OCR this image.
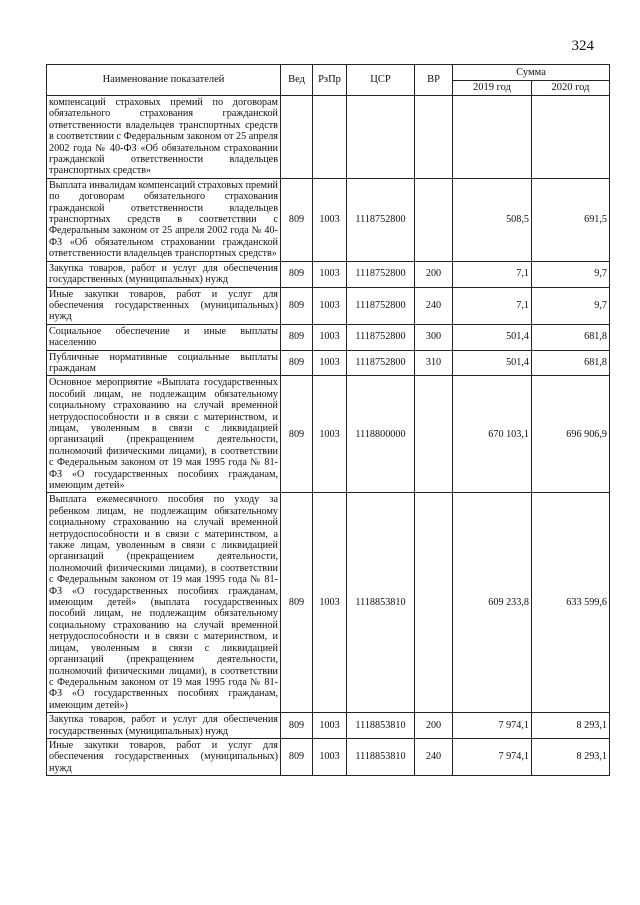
324
Наименование показателей	Вед	РзПр	ЦСР	ВР	Сумма	
					2019 год	2020 год
компенсаций страховых премий по договорам обязательного страхования гражданской ответственности владельцев транспортных средств в соответствии с Федеральным законом от 25 апреля 2002 года № 40-ФЗ «Об обязательном страховании гражданской ответственности владельцев транспортных средств»						
Выплата инвалидам компенсаций страховых премий по договорам обязательного страхования гражданской ответственности владельцев транспортных средств в соответствии с Федеральным законом от 25 апреля 2002 года № 40-ФЗ «Об обязательном страховании гражданской ответственности владельцев транспортных средств»	809	1003	1118752800		508,5	691,5
Закупка товаров, работ и услуг для обеспечения государственных (муниципальных) нужд	809	1003	1118752800	200	7,1	9,7
Иные закупки товаров, работ и услуг для обеспечения государственных (муниципальных) нужд	809	1003	1118752800	240	7,1	9,7
Социальное обеспечение и иные выплаты населению	809	1003	1118752800	300	501,4	681,8
Публичные нормативные социальные выплаты гражданам	809	1003	1118752800	310	501,4	681,8
Основное мероприятие «Выплата государственных пособий лицам, не подлежащим обязательному социальному страхованию на случай временной нетрудоспособности и в связи с материнством, и лицам, уволенным в связи с ликвидацией организаций (прекращением деятельности, полномочий физическими лицами), в соответствии с Федеральным законом от 19 мая 1995 года № 81-ФЗ «О государственных пособиях гражданам, имеющим детей»	809	1003	1118800000		670 103,1	696 906,9
Выплата ежемесячного пособия по уходу за ребенком лицам, не подлежащим обязательному социальному страхованию на случай временной нетрудоспособности и в связи с материнством, а также лицам, уволенным в связи с ликвидацией организаций (прекращением деятельности, полномочий физическими лицами), в соответствии с Федеральным законом от 19 мая 1995 года № 81-ФЗ «О государственных пособиях гражданам, имеющим детей» (выплата государственных пособий лицам, не подлежащим обязательному социальному страхованию на случай временной нетрудоспособности и в связи с материнством, и лицам, уволенным в связи с ликвидацией организаций (прекращением деятельности, полномочий физическими лицами), в соответствии с Федеральным законом от 19 мая 1995 года № 81-ФЗ «О государственных пособиях гражданам, имеющим детей»)	809	1003	1118853810		609 233,8	633 599,6
Закупка товаров, работ и услуг для обеспечения государственных (муниципальных) нужд	809	1003	1118853810	200	7 974,1	8 293,1
Иные закупки товаров, работ и услуг для обеспечения государственных (муниципальных) нужд	809	1003	1118853810	240	7 974,1	8 293,1
